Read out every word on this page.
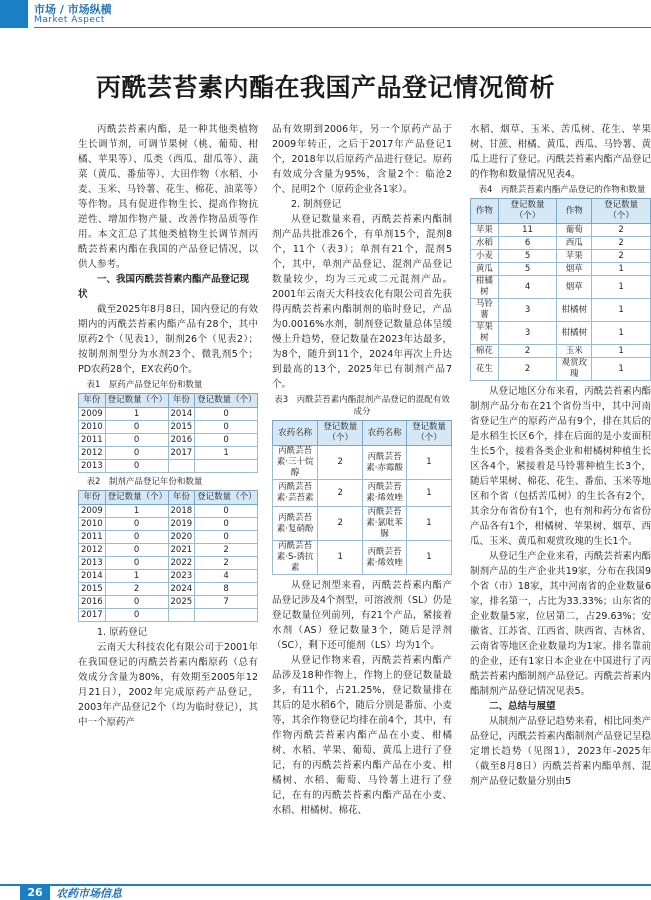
市场 / 市场纵横
Market Aspect
丙酰芸苔素内酯在我国产品登记情况简析

丙酰芸苔素内酯，是一种其他类植物生长调节剂，可调节果树（桃、葡萄、柑橘、苹果等）、瓜类（西瓜、甜瓜等）、蔬菜（黄瓜、番茄等）、大田作物（水稻、小麦、玉米、马铃薯、花生、棉花、油菜等）等作物。具有促进作物生长、提高作物抗逆性、增加作物产量、改善作物品质等作用。本文汇总了其他类植物生长调节剂丙酰芸苔素内酯在我国的产品登记情况，以供人参考。

一、我国丙酰芸苔素内酯产品登记现状

截至2025年8月8日，国内登记的有效期内的丙酰芸苔素内酯产品有28个，其中原药2个（见表1），制剂26个（见表2）；按制剂剂型分为水剂23个、微乳剂5个；PD农药28个，EX农药0个。

表1　原药产品登记年份和数量
年份	登记数量（个）	年份	登记数量（个）
2009	1	2014	0
2010	0	2015	0
2011	0	2016	0
2012	0	2017	1
2013	0		
表2　制剂产品登记年份和数量
年份	登记数量（个）	年份	登记数量（个）
2009	1	2018	0
2010	0	2019	0
2011	0	2020	0
2012	0	2021	2
2013	0	2022	2
2014	1	2023	4
2015	2	2024	8
2016	0	2025	7
2017	0		
1. 原药登记

云南天大科技农化有限公司于2001年在我国登记的丙酰芸苔素内酯原药（总有效成分含量为80%，有效期至2005年12月21日），2002年完成原药产品登记，2003年产品登记2个（均为临时登记），其中一个原药产

品有效期到2006年，另一个原药产品于2009年转正，之后于2017年产品登记1个，2018年以后原药产品进行登记。原药有效成分含量为95%，含量2个：临沧2个、昆明2个（原药企业各1家）。

2. 制剂登记

从登记数量来看，丙酰芸苔素内酯制剂产品共批准26个，有单剂15个，混剂8个，11个（表3）；单剂有21个，混剂5个，其中，单剂产品登记、混剂产品登记数量较少，均为三元或二元混剂产品。2001年云南天大科技农化有限公司首先获得丙酰芸苔素内酯制剂的临时登记，产品为0.0016%水剂，制剂登记数量总体呈缓慢上升趋势，登记数量在2023年达最多，为8个，随升到11个，2024年再次上升达到最高的13个，2025年已有制剂产品7个。

表3　丙酰芸苔素内酯混剂产品登记的混配有效成分
农药名称	登记数量（个）	农药名称	登记数量（个）
丙酰芸苔素·三十烷醇	2	丙酰芸苔素·赤霉酸	1
丙酰芸苔素·芸苔素	2	丙酰芸苔素·烯效唑	1
丙酰芸苔素·复硝酚	2	丙酰芸苔素·氯吡苯脲	1
丙酰芸苔素·S-诱抗素	1	丙酰芸苔素·烯效唑	1

从登记剂型来看，丙酰芸苔素内酯产品登记涉及4个剂型，可溶液剂（SL）仍是登记数量位列前列，有21个产品，紧接着水剂（AS）登记数量3个，随后是浮剂（SC），剩下还可能剂（LS）均为1个。

从登记作物来看，丙酰芸苔素内酯产品涉及18种作物上，作物上的登记数量最多，有11个，占21.25%，登记数量排在其后的是水稻6个，随后分别是番茄、小麦等，其余作物登记均排在前4个，其中，有作物丙酰芸苔素内酯产品在小麦、柑橘树、水稻、苹果、葡萄、黄瓜上进行了登记，有的丙酰芸苔素内酯产品在小麦、柑橘树、水稻、葡萄、马铃薯上进行了登记，在有的丙酰芸苔素内酯产品在小麦、水稻、柑橘树、棉花、

水稻、烟草、玉米、苦瓜树、花生、苹果树、甘蔗、柑橘、黄瓜、西瓜、马铃薯、黄瓜上进行了登记。丙酰芸苔素内酯产品登记的作物和数量情况见表4。

表4　丙酰芸苔素内酯产品登记的作物和数量
作物	登记数量（个）	作物	登记数量（个）
苹果	11	葡萄	2
水稻	6	西瓜	2
小麦	5	苹果	2
黄瓜	5	烟草	1
柑橘树	4	烟草	1
马铃薯	3	柑橘树	1
苹果树	3	柑橘树	1
棉花	2	玉米	1
花生	2	观赏玫瑰	1

从登记地区分布来看，丙酰芸苔素内酯制剂产品分布在21个省份当中，其中河南省登记生产的原药产品有9个，排在其后的是水稻生长区6个，排在后面的是小麦面积生长5个，接着各类企业和柑橘树种植生长区各4个，紧接着是马铃薯种植生长3个，随后苹果树、棉花、花生、番茄、玉米等地区和个省（包括苦瓜树）的生长各有2个，其余分布省份有1个，也有剂和药分布省份产品各有1个，柑橘树、苹果树、烟草、西瓜、玉米、黄瓜和观赏玫瑰的生长1个。

从登记生产企业来看，丙酰芸苔素内酯制剂产品的生产企业共19家，分布在我国9个省（市）18家，其中河南省的企业数量6家，排名第一，占比为33.33%；山东省的企业数量5家，位居第二，占29.63%；安徽省、江苏省、江西省、陕西省、吉林省、云南省等地区企业数量均为1家。排名靠前的企业，还有1家日本企业在中国进行了丙酰芸苔素内酯制剂产品登记。丙酰芸苔素内酯制剂产品登记情况见表5。

二、总结与展望

从制剂产品登记趋势来看，相比同类产品登记，丙酰芸苔素内酯制剂产品登记呈稳定增长趋势（见图1），2023年-2025年（截至8月8日）丙酰芸苔素内酯单剂、混剂产品登记数量分别由5

26	农药市场信息
